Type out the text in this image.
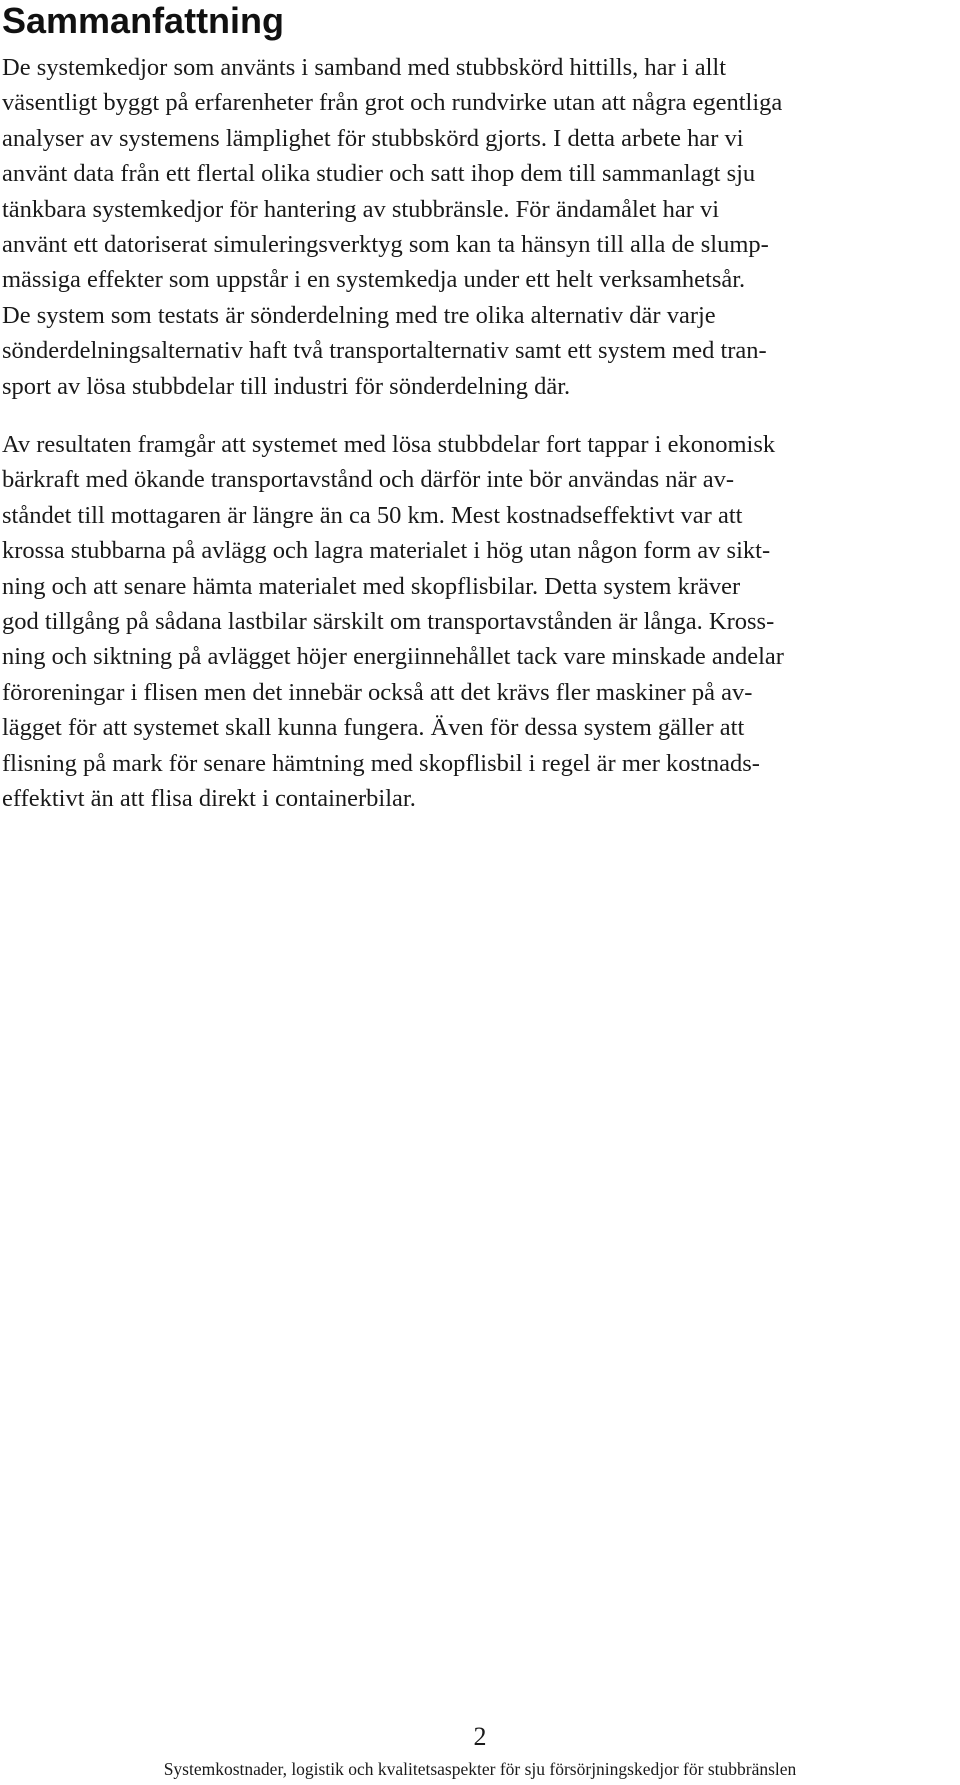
Sammanfattning
De systemkedjor som använts i samband med stubbskörd hittills, har i allt
väsentligt byggt på erfarenheter från grot och rundvirke utan att några egentliga
analyser av systemens lämplighet för stubbskörd gjorts. I detta arbete har vi
använt data från ett flertal olika studier och satt ihop dem till sammanlagt sju
tänkbara systemkedjor för hantering av stubbränsle. För ändamålet har vi
använt ett datoriserat simuleringsverktyg som kan ta hänsyn till alla de slump-
mässiga effekter som uppstår i en systemkedja under ett helt verksamhetsår.
De system som testats är sönderdelning med tre olika alternativ där varje
sönderdelningsalternativ haft två transportalternativ samt ett system med tran-
sport av lösa stubbdelar till industri för sönderdelning där.
Av resultaten framgår att systemet med lösa stubbdelar fort tappar i ekonomisk
bärkraft med ökande transportavstånd och därför inte bör användas när av-
ståndet till mottagaren är längre än ca 50 km. Mest kostnadseffektivt var att
krossa stubbarna på avlägg och lagra materialet i hög utan någon form av sikt-
ning och att senare hämta materialet med skopflisbilar. Detta system kräver
god tillgång på sådana lastbilar särskilt om transportavstånden är långa. Kross-
ning och siktning på avlägget höjer energiinnehållet tack vare minskade andelar
föroreningar i flisen men det innebär också att det krävs fler maskiner på av-
lägget för att systemet skall kunna fungera. Även för dessa system gäller att
flisning på mark för senare hämtning med skopflisbil i regel är mer kostnads-
effektivt än att flisa direkt i containerbilar.
2
Systemkostnader, logistik och kvalitetsaspekter för sju försörjningskedjor för stubbränslen
